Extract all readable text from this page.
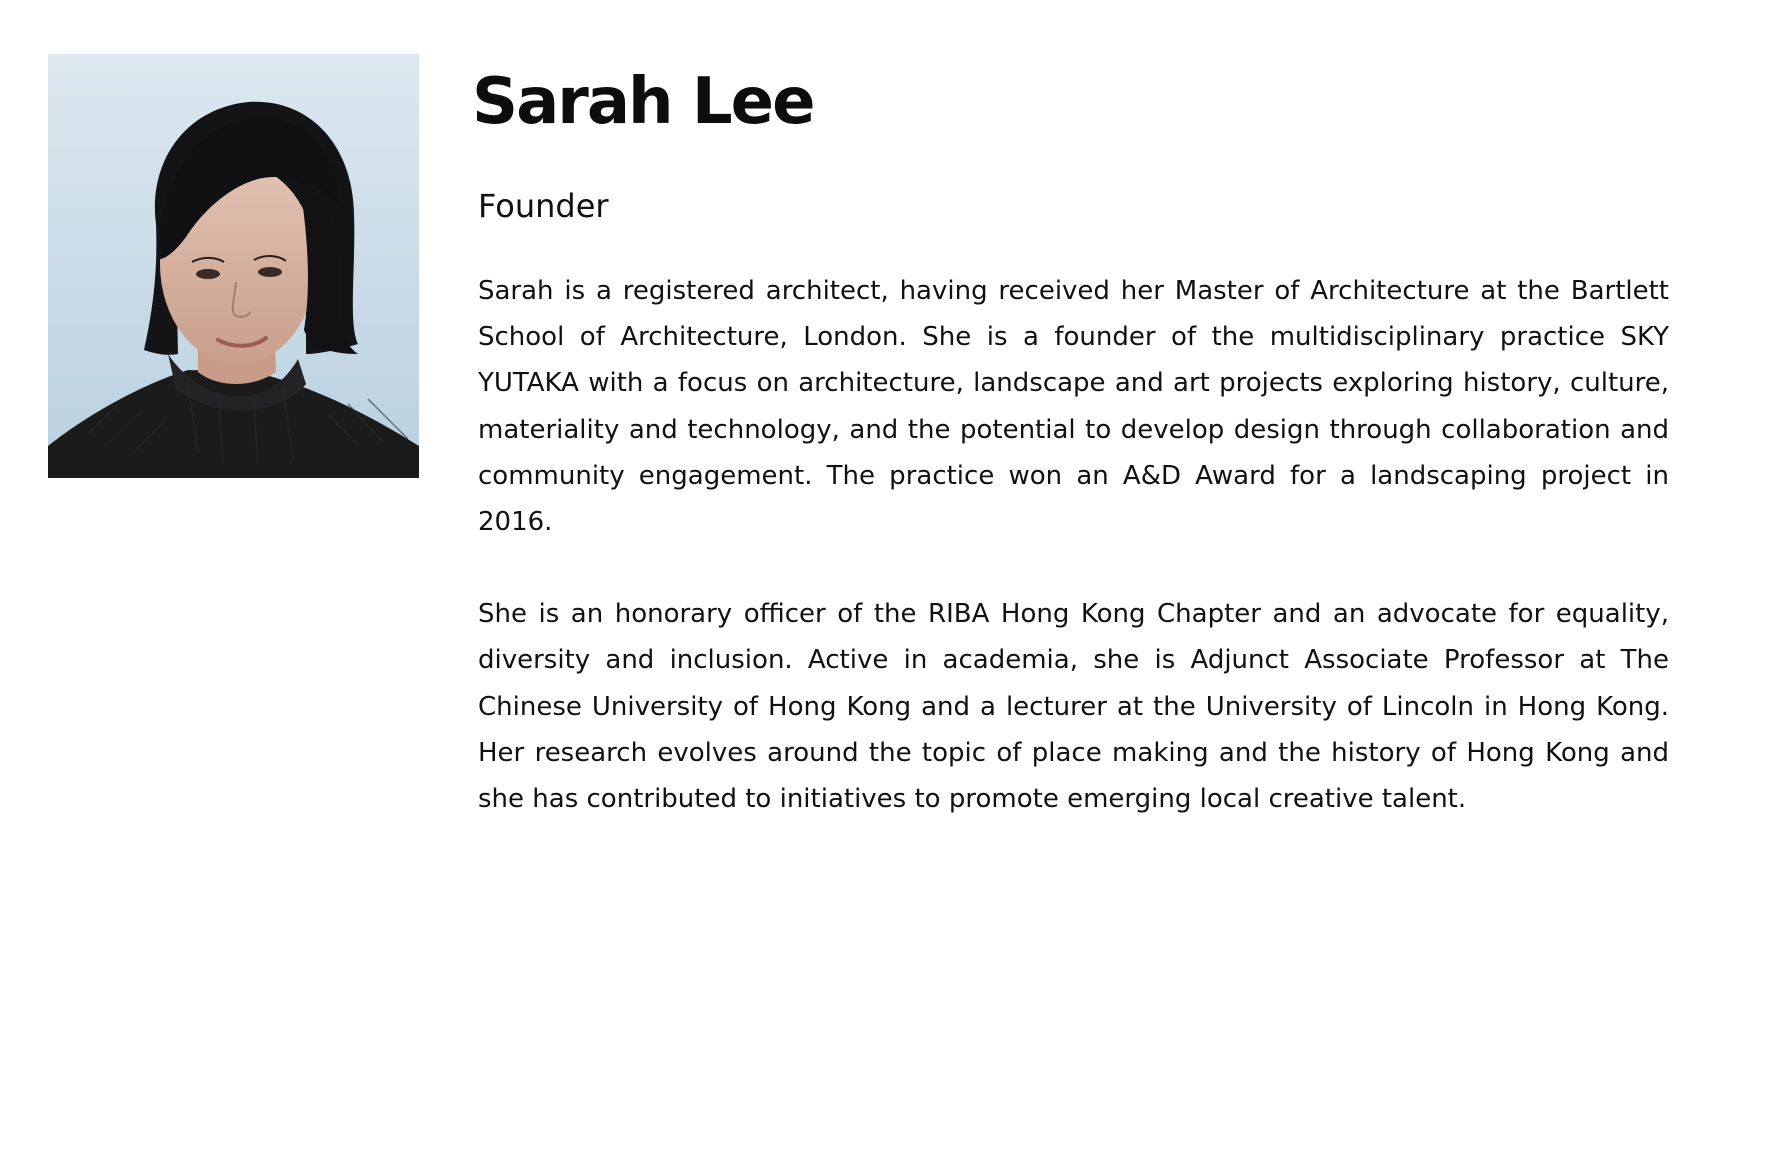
Sarah Lee
Founder

Sarah is a registered architect, having received her Master of Architecture at the Bartlett School of Architecture, London. She is a founder of the multidisciplinary practice SKY YUTAKA with a focus on architecture, landscape and art projects exploring history, culture, materiality and technology, and the potential to develop design through collaboration and community engagement. The practice won an A&D Award for a landscaping project in 2016.

She is an honorary officer of the RIBA Hong Kong Chapter and an advocate for equality, diversity and inclusion. Active in academia, she is Adjunct Associate Professor at The Chinese University of Hong Kong and a lecturer at the University of Lincoln in Hong Kong. Her research evolves around the topic of place making and the history of Hong Kong and she has contributed to initiatives to promote emerging local creative talent.
